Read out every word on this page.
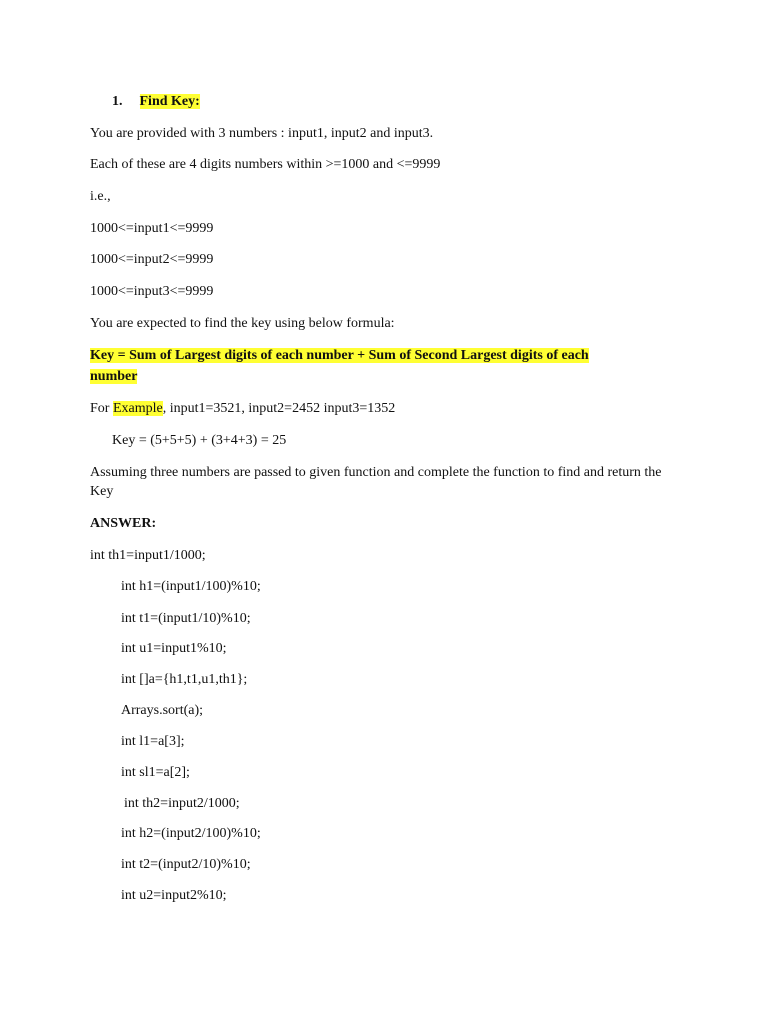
1. Find Key:
You are provided with 3 numbers : input1, input2 and input3.
Each of these are 4 digits numbers within >=1000 and <=9999
i.e.,
1000<=input1<=9999
1000<=input2<=9999
1000<=input3<=9999
You are expected to find the key using below formula:
Key = Sum of Largest digits of each number + Sum of Second Largest digits of each
number
For Example, input1=3521, input2=2452 input3=1352
Key = (5+5+5) + (3+4+3) = 25
Assuming three numbers are passed to given function and complete the function to find and return the
Key
ANSWER:
int th1=input1/1000;
int h1=(input1/100)%10;
int t1=(input1/10)%10;
int u1=input1%10;
int []a={h1,t1,u1,th1};
Arrays.sort(a);
int l1=a[3];
int sl1=a[2];
int th2=input2/1000;
int h2=(input2/100)%10;
int t2=(input2/10)%10;
int u2=input2%10;
